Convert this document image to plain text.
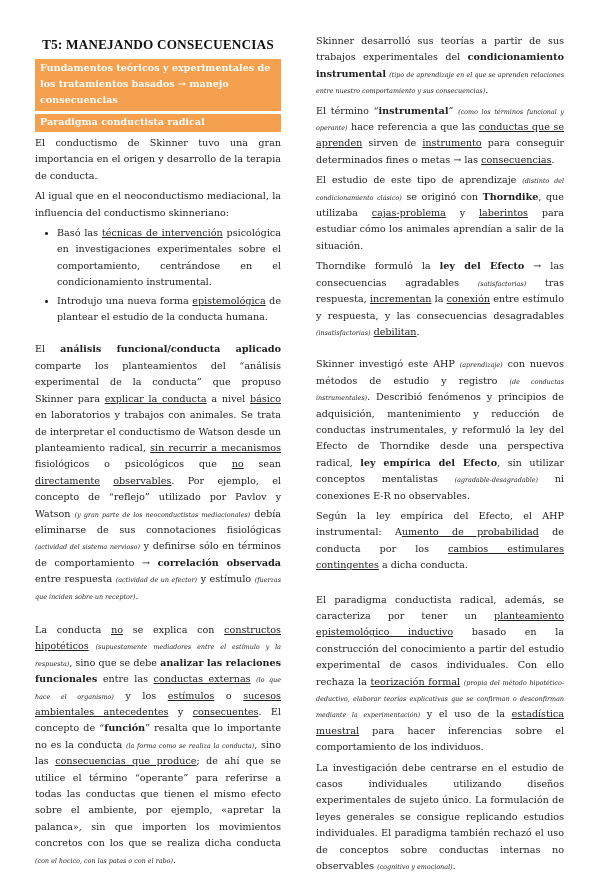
T5: MANEJANDO CONSECUENCIAS
Fundamentos teóricos y experimentales de los tratamientos basados → manejo consecuencias
Paradigma conductista radical

El conductismo de Skinner tuvo una gran importancia en el origen y desarrollo de la terapia de conducta.

Al igual que en el neoconductismo mediacional, la influencia del conductismo skinneriano:

• Basó las técnicas de intervención psicológica en investigaciones experimentales sobre el comportamiento, centrándose en el condicionamiento instrumental.
• Introdujo una nueva forma epistemológica de plantear el estudio de la conducta humana.

El análisis funcional/conducta aplicado comparte los planteamientos del “análisis experimental de la conducta” que propuso Skinner para explicar la conducta a nivel básico en laboratorios y trabajos con animales. Se trata de interpretar el conductismo de Watson desde un planteamiento radical, sin recurrir a mecanismos fisiológicos o psicológicos que no sean directamente observables. Por ejemplo, el concepto de “reflejo” utilizado por Pavlov y Watson (y gran parte de los neoconductistas mediacionales) debía eliminarse de sus connotaciones fisiológicas (actividad del sistema nervioso) y definirse sólo en términos de comportamiento → correlación observada entre respuesta (actividad de un efector) y estímulo (fuerzas que inciden sobre un receptor).

La conducta no se explica con constructos hipotéticos (supuestamente mediadores entre el estímulo y la respuesta), sino que se debe analizar las relaciones funcionales entre las conductas externas (lo que hace el organismo) y los estímulos o sucesos ambientales antecedentes y consecuentes. El concepto de “función” resalta que lo importante no es la conducta (la forma como se realiza la conducta), sino las consecuencias que produce; de ahí que se utilice el término “operante” para referirse a todas las conductas que tienen el mismo efecto sobre el ambiente, por ejemplo, «apretar la palanca», sin que importen los movimientos concretos con los que se realiza dicha conducta (con el hocico, con las patas o con el rabo).

Skinner desarrolló sus teorías a partir de sus trabajos experimentales del condicionamiento instrumental (tipo de aprendizaje en el que se aprenden relaciones entre nuestro comportamiento y sus consecuencias).

El término “instrumental” (como los términos funcional y operante) hace referencia a que las conductas que se aprenden sirven de instrumento para conseguir determinados fines o metas → las consecuencias.

El estudio de este tipo de aprendizaje (distinto del condicionamiento clásico) se originó con Thorndike, que utilizaba cajas-problema y laberintos para estudiar cómo los animales aprendían a salir de la situación.

Thorndike formuló la ley del Efecto → las consecuencias agradables (satisfactorias) tras respuesta, incrementan la conexión entre estímulo y respuesta, y las consecuencias desagradables (insatisfactorias) debilitan.

Skinner investigó este AHP (aprendizaje) con nuevos métodos de estudio y registro (de conductas instrumentales). Describió fenómenos y principios de adquisición, mantenimiento y reducción de conductas instrumentales, y reformuló la ley del Efecto de Thorndike desde una perspectiva radical, ley empírica del Efecto, sin utilizar conceptos mentalistas (agradable-desagradable) ni conexiones E-R no observables.

Según la ley empírica del Efecto, el AHP instrumental: Aumento de probabilidad de conducta por los cambios estimulares contingentes a dicha conducta.

El paradigma conductista radical, además, se caracteriza por tener un planteamiento epistemológico inductivo basado en la construcción del conocimiento a partir del estudio experimental de casos individuales. Con ello rechaza la teorización formal (propia del método hipotético-deductivo, elaborar teorías explicativas que se confirman o desconfirman mediante la experimentación) y el uso de la estadística muestral para hacer inferencias sobre el comportamiento de los individuos.

La investigación debe centrarse en el estudio de casos individuales utilizando diseños experimentales de sujeto único. La formulación de leyes generales se consigue replicando estudios individuales. El paradigma también rechazó el uso de conceptos sobre conductas internas no observables (cognitivo y emocional).
